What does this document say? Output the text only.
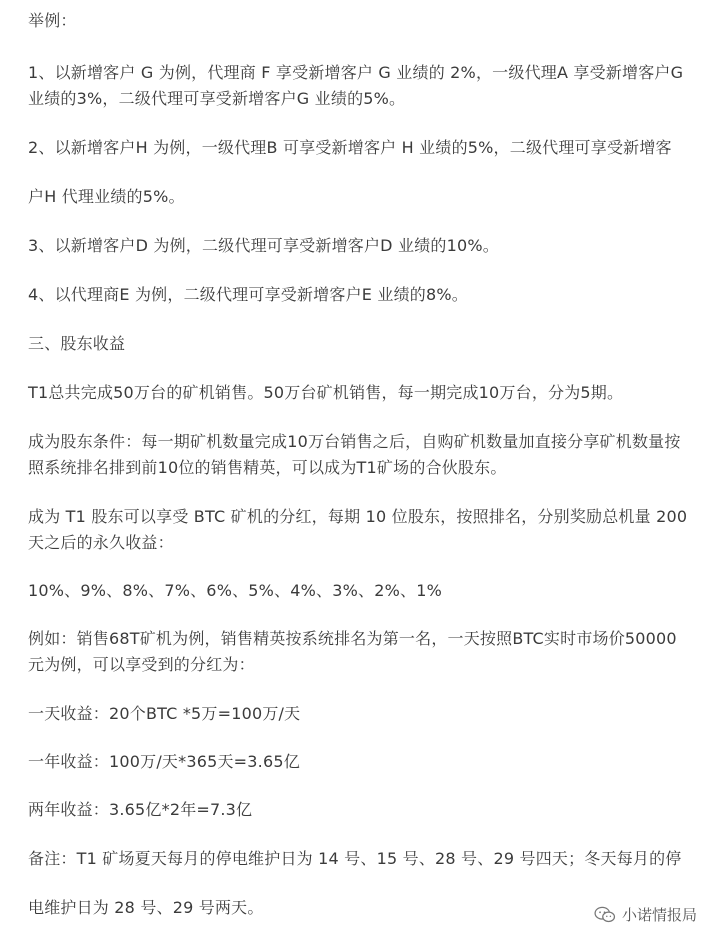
举例：

1、以新增客户 G 为例，代理商 F 享受新增客户 G 业绩的 2%，一级代理A 享受新增客户G 业绩的3%，二级代理可享受新增客户G 业绩的5%。

2、以新增客户H 为例，一级代理B 可享受新增客户 H 业绩的5%，二级代理可享受新增客

户H 代理业绩的5%。

3、以新增客户D 为例，二级代理可享受新增客户D 业绩的10%。

4、以代理商E 为例，二级代理可享受新增客户E 业绩的8%。

三、股东收益

T1总共完成50万台的矿机销售。50万台矿机销售，每一期完成10万台，分为5期。

成为股东条件：每一期矿机数量完成10万台销售之后，自购矿机数量加直接分享矿机数量按照系统排名排到前10位的销售精英，可以成为T1矿场的合伙股东。

成为 T1 股东可以享受 BTC 矿机的分红，每期 10 位股东，按照排名，分别奖励总机量 200 天之后的永久收益：

10%、9%、8%、7%、6%、5%、4%、3%、2%、1%

例如：销售68T矿机为例，销售精英按系统排名为第一名，一天按照BTC实时市场价50000 元为例，可以享受到的分红为：

一天收益：20个BTC *5万=100万/天

一年收益：100万/天*365天=3.65亿

两年收益：3.65亿*2年=7.3亿

备注：T1 矿场夏天每月的停电维护日为 14 号、15 号、28 号、29 号四天；冬天每月的停

电维护日为 28 号、29 号两天。	小诺情报局
